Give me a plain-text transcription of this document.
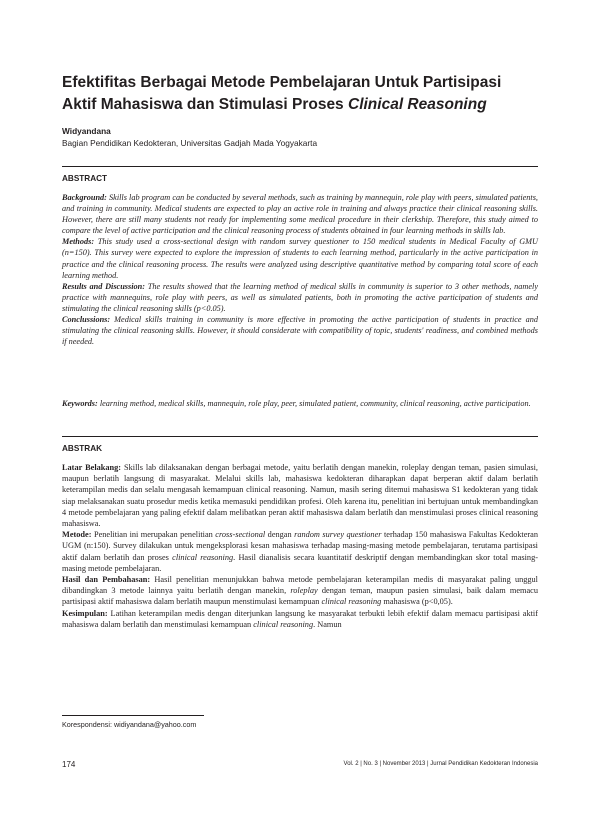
Efektifitas Berbagai Metode Pembelajaran Untuk Partisipasi
Aktif Mahasiswa dan Stimulasi Proses Clinical Reasoning
Widyandana
Bagian Pendidikan Kedokteran, Universitas Gadjah Mada Yogyakarta
ABSTRACT

Background: Skills lab program can be conducted by several methods, such as training by mannequin, role play with peers, simulated patients, and training in community. Medical students are expected to play an active role in training and always practice their clinical reasoning skills. However, there are still many students not ready for implementing some medical procedure in their clerkship. Therefore, this study aimed to compare the level of active participation and the clinical reasoning process of students obtained in four learning methods in skills lab.

Methods: This study used a cross-sectional design with random survey questioner to 150 medical students in Medical Faculty of GMU (n=150). This survey were expected to explore the impression of students to each learning method, particularly in the active participation in practice and the clinical reasoning process. The results were analyzed using descriptive quantitative method by comparing total score of each learning method.

Results and Discussion: The results showed that the learning method of medical skills in community is superior to 3 other methods, namely practice with mannequins, role play with peers, as well as simulated patients, both in promoting the active participation of students and stimulating the clinical reasoning skills (p<0.05).

Conclussions: Medical skills training in community is more effective in promoting the active participation of students in practice and stimulating the clinical reasoning skills. However, it should considerate with compatibility of topic, students' readiness, and combined methods if needed.

Keywords: learning method, medical skills, mannequin, role play, peer, simulated patient, community, clinical reasoning, active participation.
ABSTRAK

Latar Belakang: Skills lab dilaksanakan dengan berbagai metode, yaitu berlatih dengan manekin, roleplay dengan teman, pasien simulasi, maupun berlatih langsung di masyarakat. Melalui skills lab, mahasiswa kedokteran diharapkan dapat berperan aktif dalam berlatih keterampilan medis dan selalu mengasah kemampuan clinical reasoning. Namun, masih sering ditemui mahasiswa S1 kedokteran yang tidak siap melaksanakan suatu prosedur medis ketika memasuki pendidikan profesi. Oleh karena itu, penelitian ini bertujuan untuk membandingkan 4 metode pembelajaran yang paling efektif dalam melibatkan peran aktif mahasiswa dalam berlatih dan menstimulasi proses clinical reasoning mahasiswa.

Metode: Penelitian ini merupakan penelitian cross-sectional dengan random survey questioner terhadap 150 mahasiswa Fakultas Kedokteran UGM (n:150). Survey dilakukan untuk mengeksplorasi kesan mahasiswa terhadap masing-masing metode pembelajaran, terutama partisipasi aktif dalam berlatih dan proses clinical reasoning. Hasil dianalisis secara kuantitatif deskriptif dengan membandingkan skor total masing-masing metode pembelajaran.

Hasil dan Pembahasan: Hasil penelitian menunjukkan bahwa metode pembelajaran keterampilan medis di masyarakat paling unggul dibandingkan 3 metode lainnya yaitu berlatih dengan manekin, roleplay dengan teman, maupun pasien simulasi, baik dalam memacu partisipasi aktif mahasiswa dalam berlatih maupun menstimulasi kemampuan clinical reasoning mahasiswa (p<0,05).

Kesimpulan: Latihan keterampilan medis dengan diterjunkan langsung ke masyarakat terbukti lebih efektif dalam memacu partisipasi aktif mahasiswa dalam berlatih dan menstimulasi kemampuan clinical reasoning. Namun

Korespondensi: widiyandana@yahoo.com
174	Vol. 2 | No. 3 | November 2013 | Jurnal Pendidikan Kedokteran Indonesia
